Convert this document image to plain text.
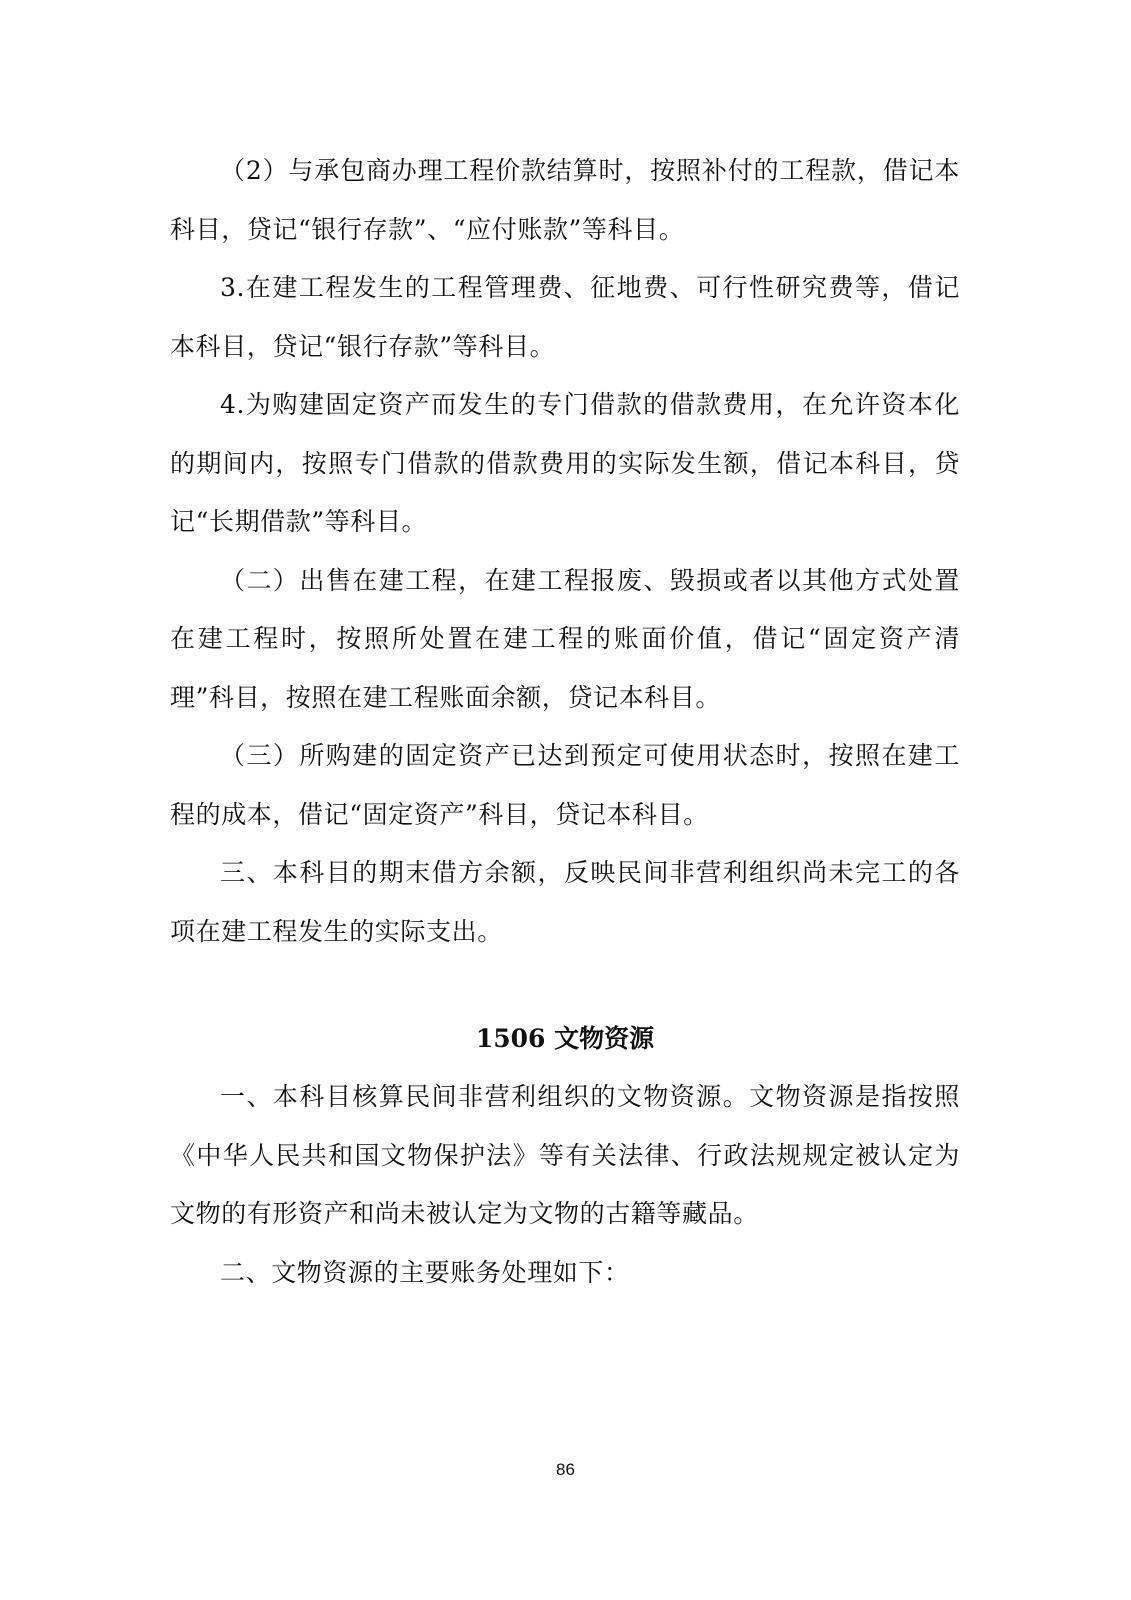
（2）与承包商办理工程价款结算时，按照补付的工程款，借记本科目，贷记“银行存款”、“应付账款”等科目。

3.在建工程发生的工程管理费、征地费、可行性研究费等，借记本科目，贷记“银行存款”等科目。

4.为购建固定资产而发生的专门借款的借款费用，在允许资本化的期间内，按照专门借款的借款费用的实际发生额，借记本科目，贷记“长期借款”等科目。

（二）出售在建工程，在建工程报废、毁损或者以其他方式处置在建工程时，按照所处置在建工程的账面价值，借记“固定资产清理”科目，按照在建工程账面余额，贷记本科目。

（三）所购建的固定资产已达到预定可使用状态时，按照在建工程的成本，借记“固定资产”科目，贷记本科目。

三、本科目的期末借方余额，反映民间非营利组织尚未完工的各项在建工程发生的实际支出。

1506 文物资源

一、本科目核算民间非营利组织的文物资源。文物资源是指按照《中华人民共和国文物保护法》等有关法律、行政法规规定被认定为文物的有形资产和尚未被认定为文物的古籍等藏品。

二、文物资源的主要账务处理如下：

86
